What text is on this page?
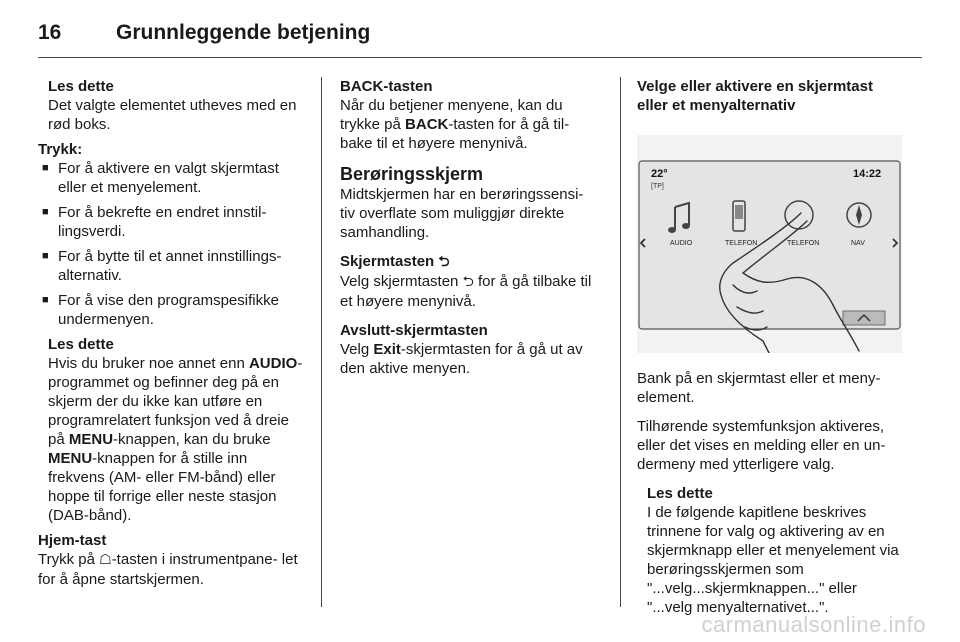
16	Grunnleggende betjening
Les dette
Det valgte elementet utheves med en rød boks.
Trykk:
■ For å aktivere en valgt skjermtast eller et menyelement.
■ For å bekrefte en endret innstil- lingsverdi.
■ For å bytte til et annet innstillings- alternativ.
■ For å vise den programspesifikke undermenyen.
Les dette
Hvis du bruker noe annet enn AUDIO-programmet og befinner deg på en skjerm der du ikke kan utføre en programrelatert funksjon ved å dreie på MENU-knappen, kan du bruke MENU-knappen for å stille inn frekvens (AM- eller FM-bånd) eller hoppe til forrige eller neste stasjon (DAB-bånd).
Hjem-tast
Trykk på ☖-tasten i instrumentpane- let for å åpne startskjermen.
BACK-tasten
Når du betjener menyene, kan du trykke på BACK-tasten for å gå til- bake til et høyere menynivå.
Berøringsskjerm
Midtskjermen har en berøringssensi- tiv overflate som muliggjør direkte samhandling.
Skjermtasten ⮌
Velg skjermtasten ⮌ for å gå tilbake til et høyere menynivå.
Avslutt-skjermtasten
Velg Exit-skjermtasten for å gå ut av den aktive menyen.
Velge eller aktivere en skjermtast eller et menyalternativ
22°
[TP]
14:22
AUDIO	TELEFON	TELEFON	NAV
Bank på en skjermtast eller et meny- element.
Tilhørende systemfunksjon aktiveres, eller det vises en melding eller en un- dermeny med ytterligere valg.
Les dette
I de følgende kapitlene beskrives trinnene for valg og aktivering av en skjermknapp eller et menyelement via berøringsskjermen som "...velg...skjermknappen..." eller "...velg menyalternativet...".
carmanualsonline.info
